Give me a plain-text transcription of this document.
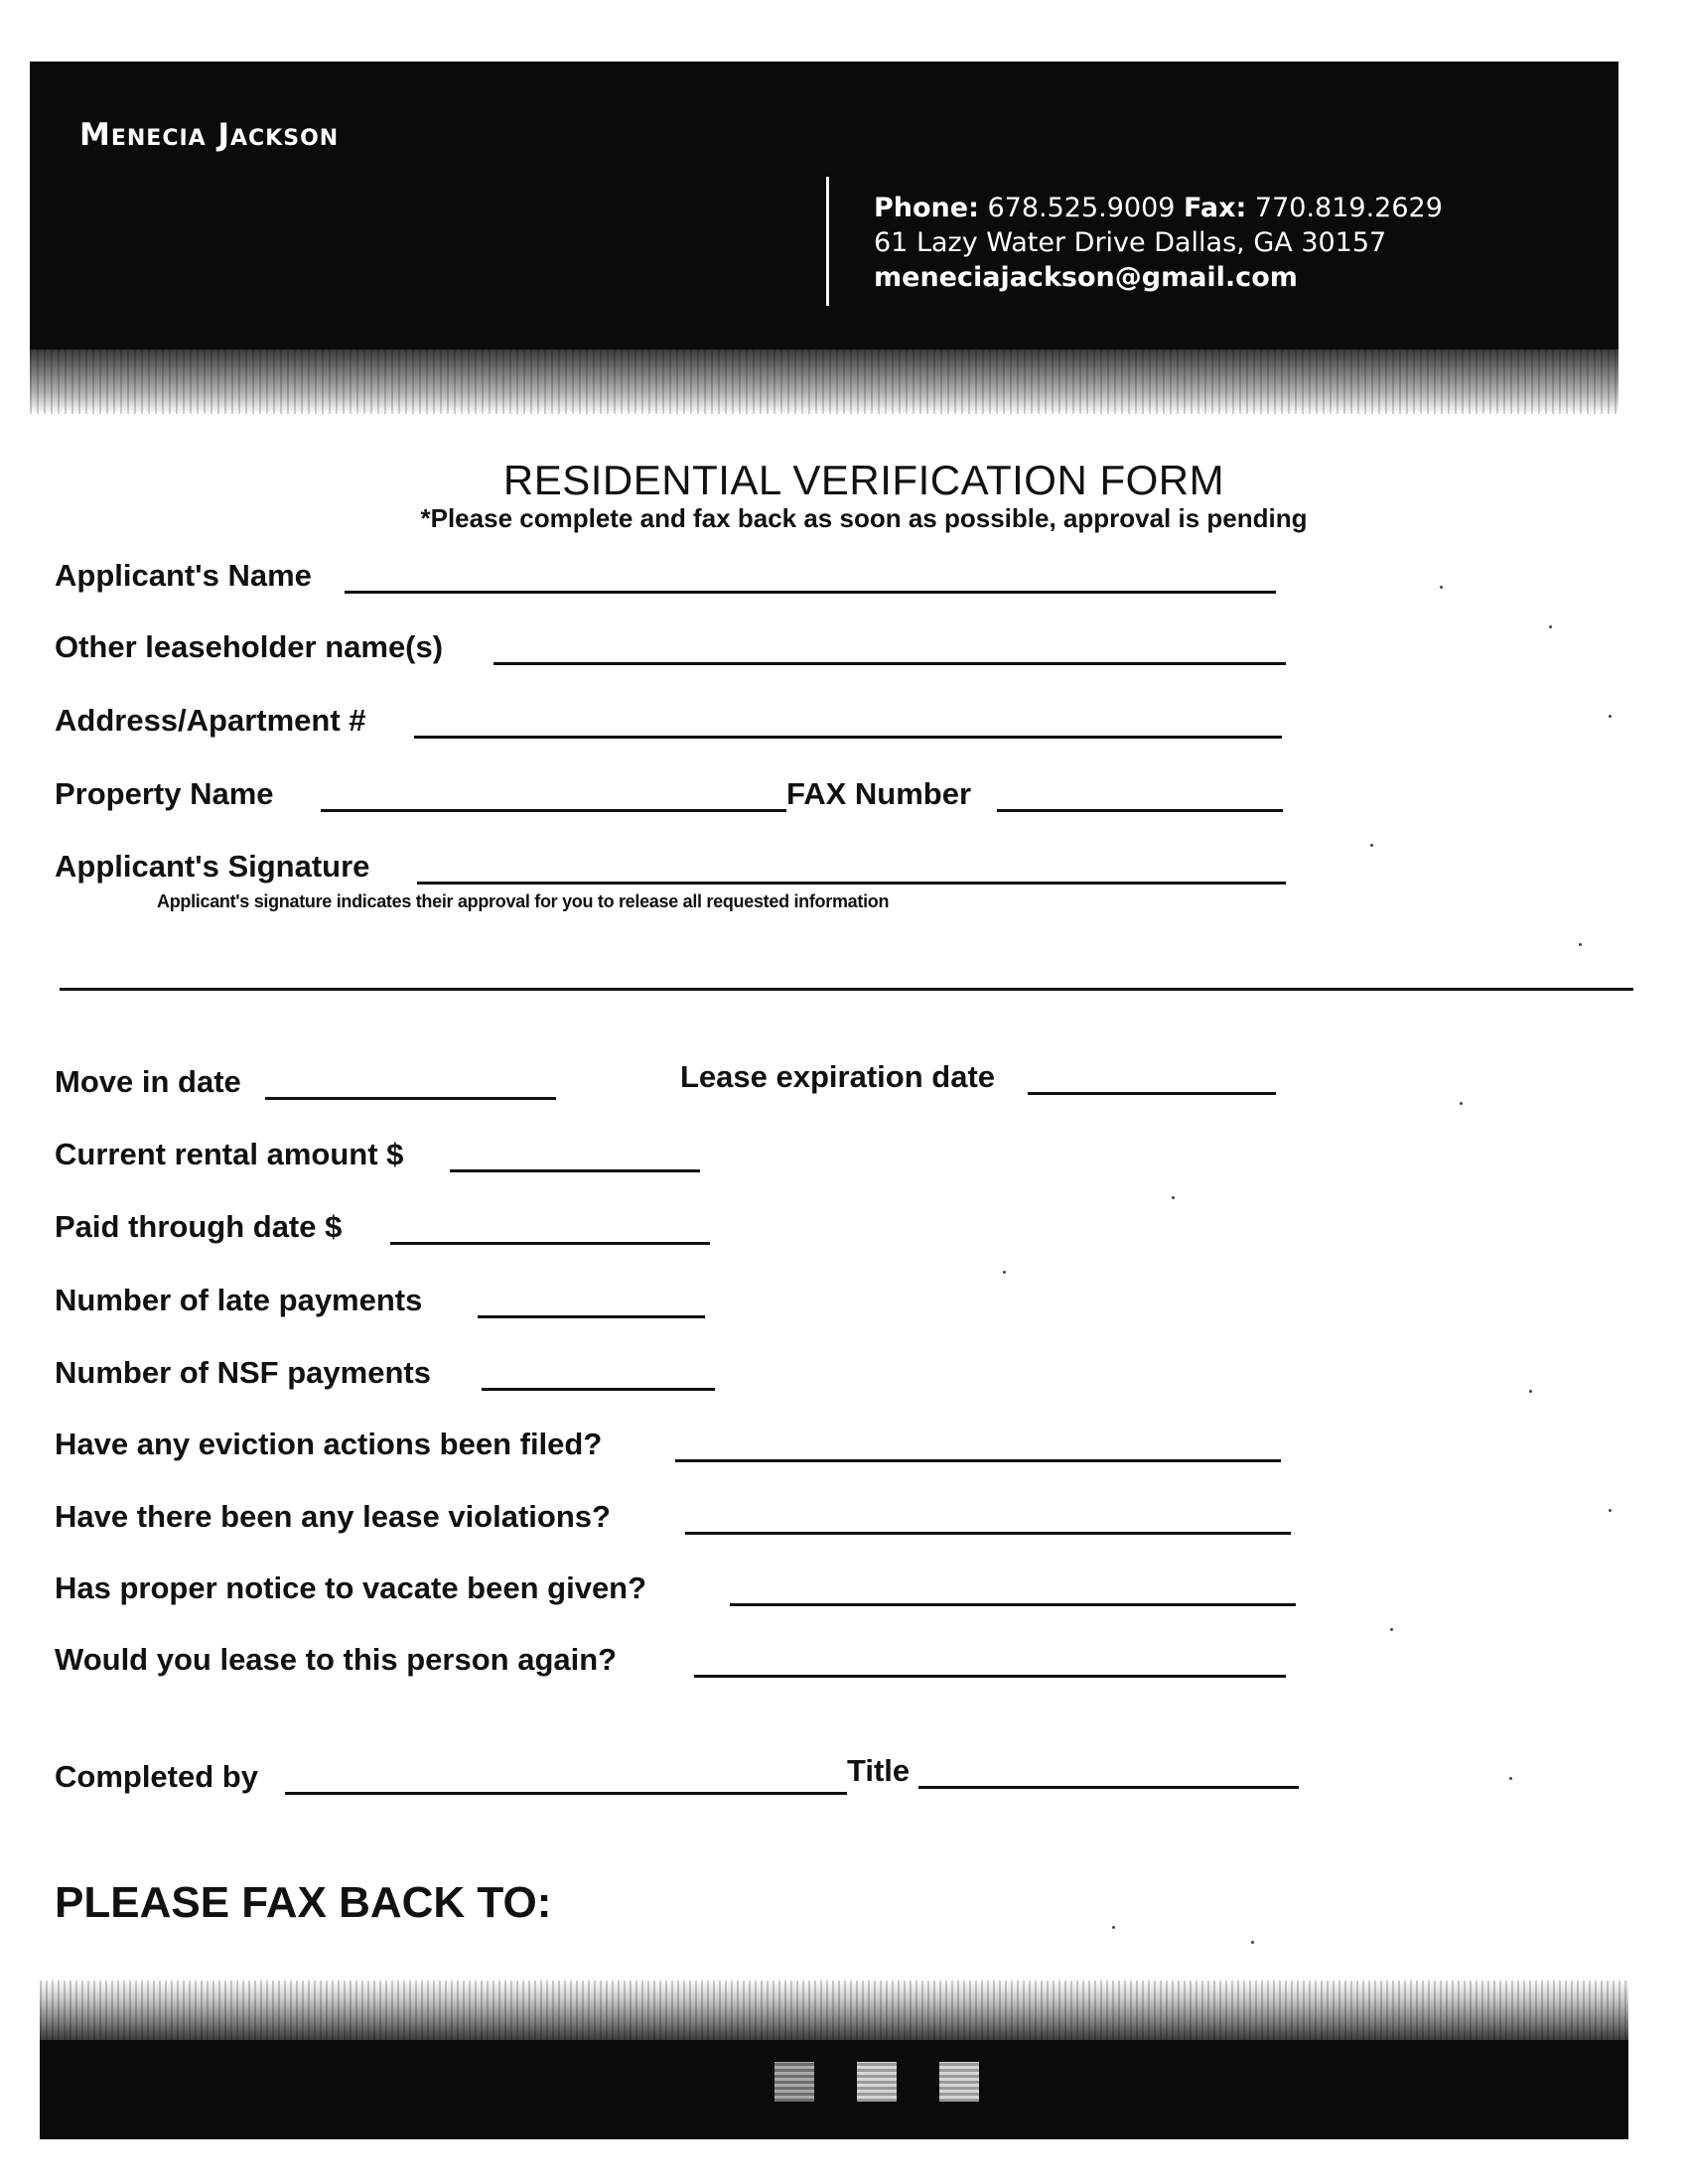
Menecia Jackson
Phone: 678.525.9009 Fax: 770.819.2629
61 Lazy Water Drive Dallas, GA 30157
meneciajackson@gmail.com
RESIDENTIAL VERIFICATION FORM
*Please complete and fax back as soon as possible, approval is pending
Applicant's Name
Other leaseholder name(s)
Address/Apartment #
Property Name	FAX Number
Applicant's Signature
Applicant's signature indicates their approval for you to release all requested information
Move in date	Lease expiration date
Current rental amount $
Paid through date $
Number of late payments
Number of NSF payments
Have any eviction actions been filed?
Have there been any lease violations?
Has proper notice to vacate been given?
Would you lease to this person again?
Completed by	Title
PLEASE FAX BACK TO:
